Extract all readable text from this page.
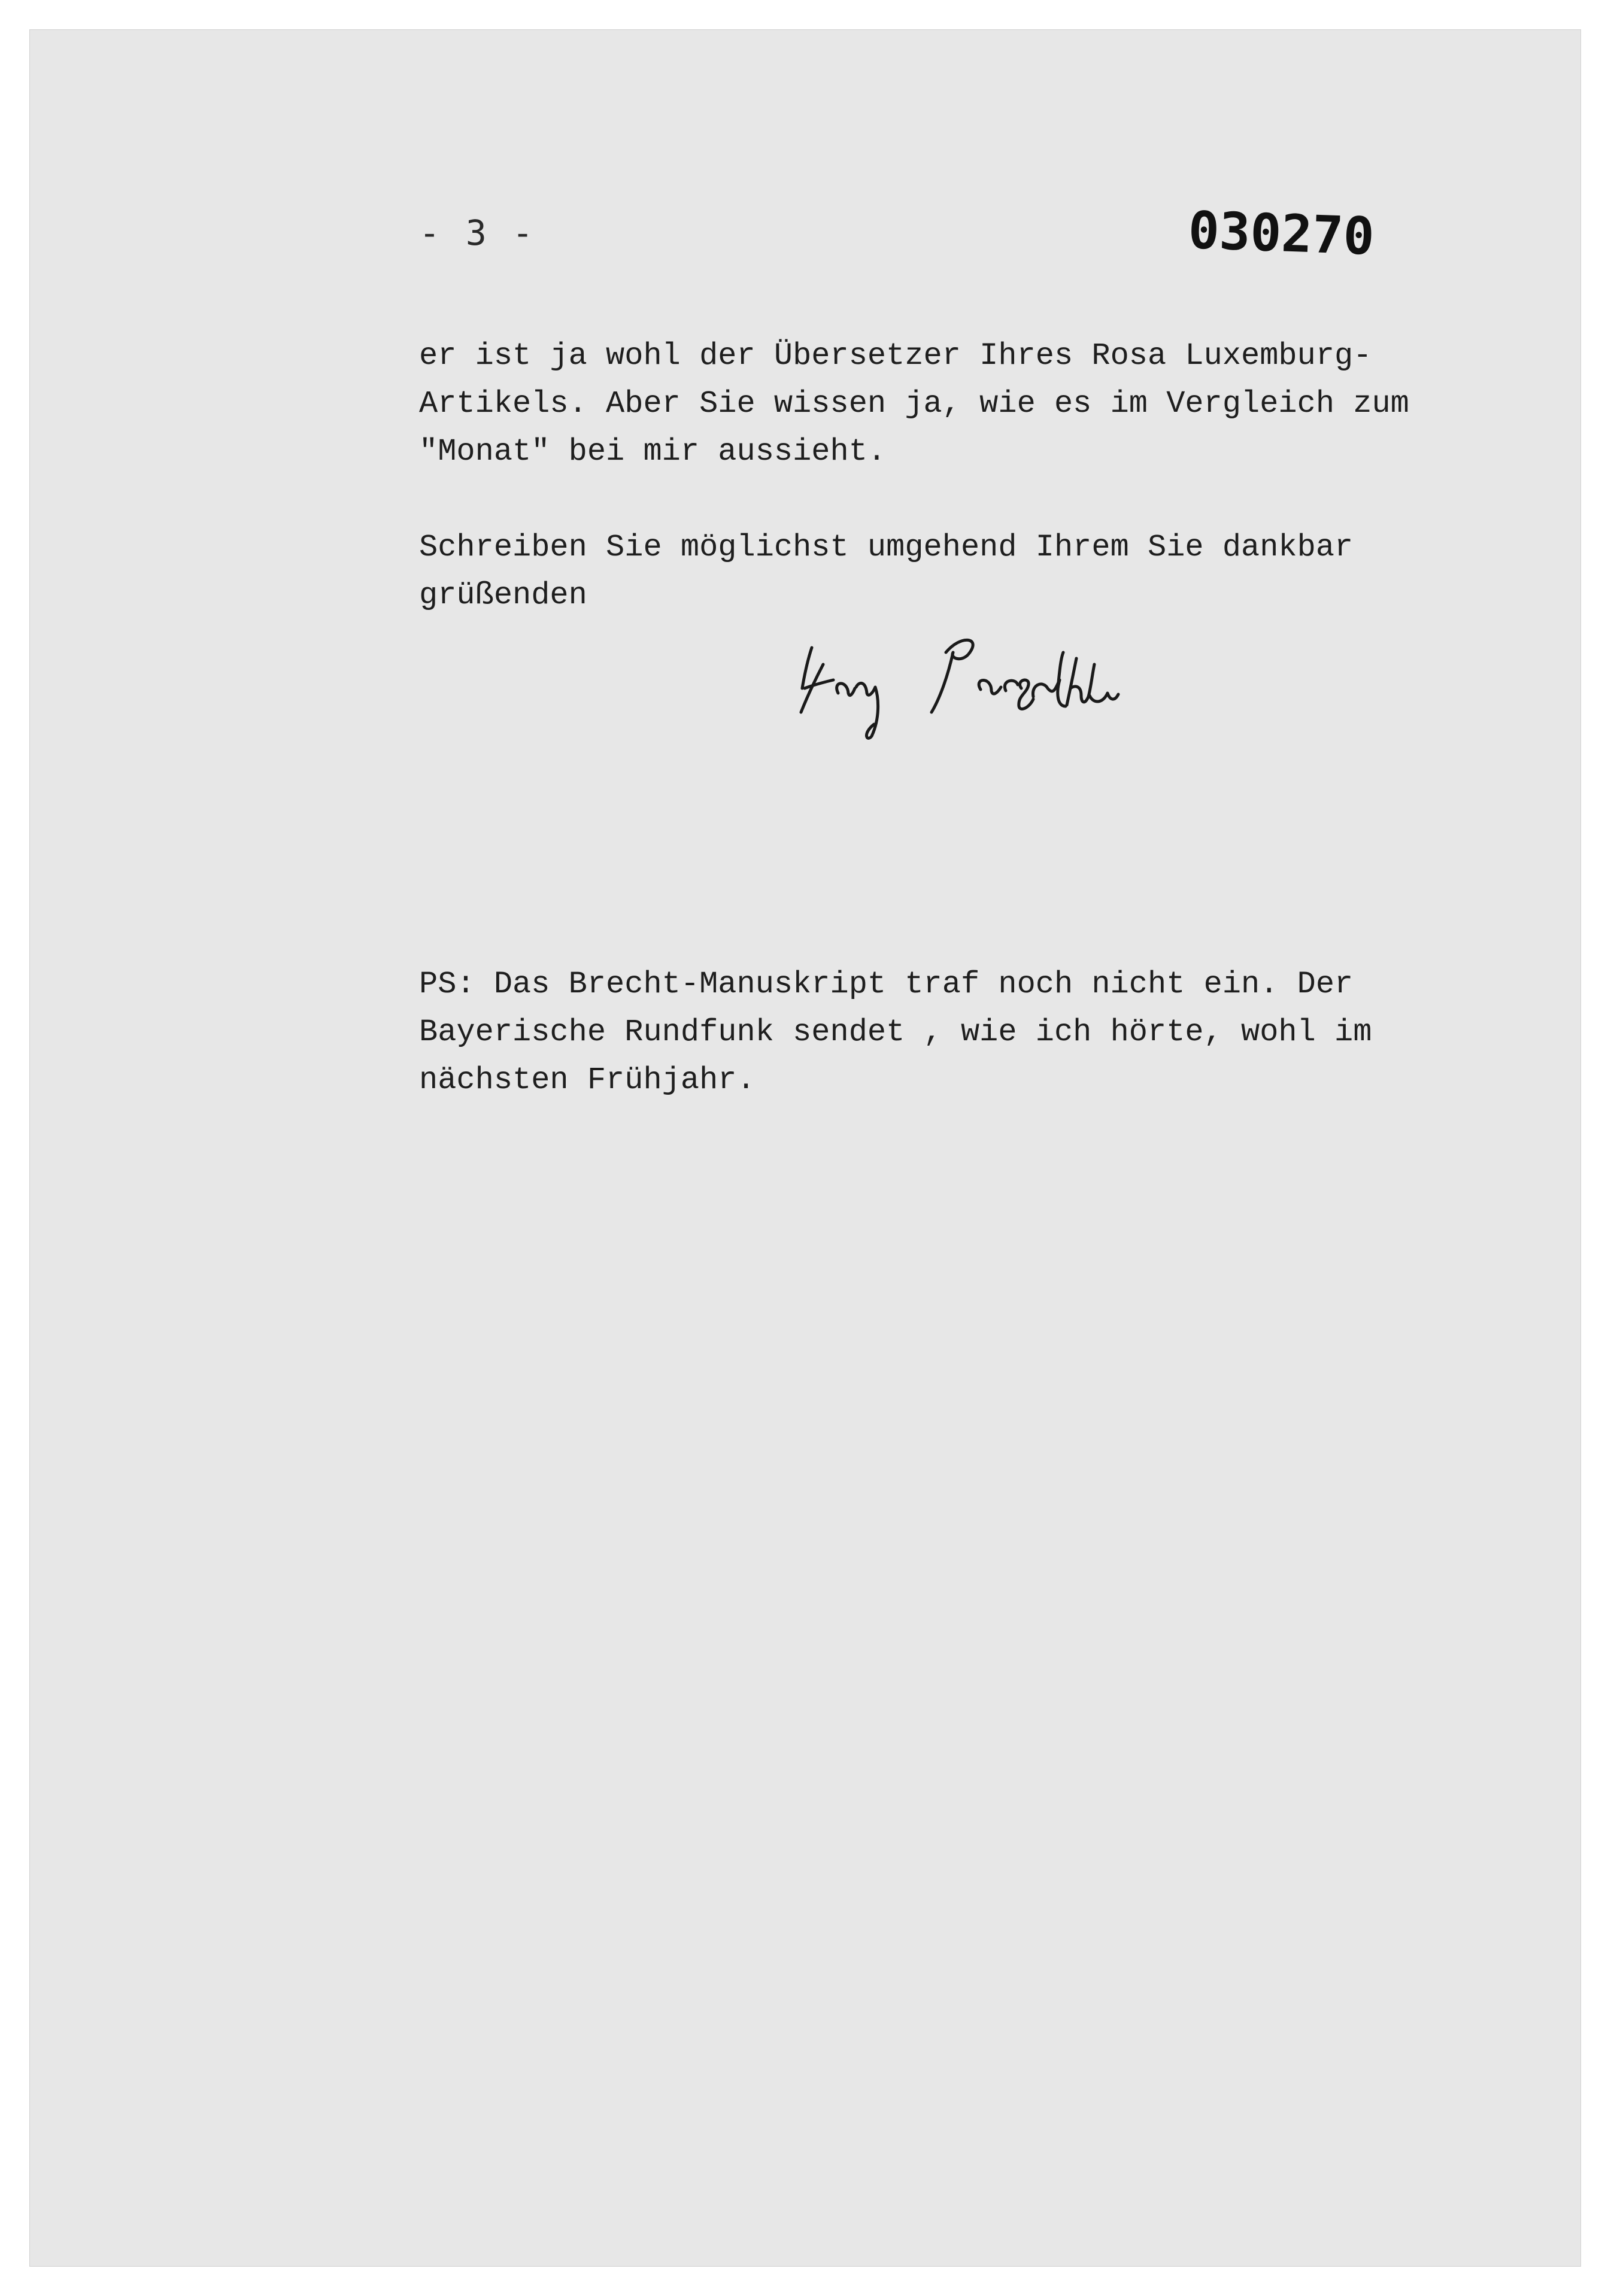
- 3 -	030270
er ist ja wohl der Übersetzer Ihres Rosa Luxemburg-
Artikels. Aber Sie wissen ja, wie es im Vergleich zum
"Monat" bei mir aussieht.
Schreiben Sie möglichst umgehend Ihrem Sie dankbar
grüßenden
PS: Das Brecht-Manuskript traf noch nicht ein. Der
Bayerische Rundfunk sendet , wie ich hörte, wohl im
nächsten Frühjahr.
